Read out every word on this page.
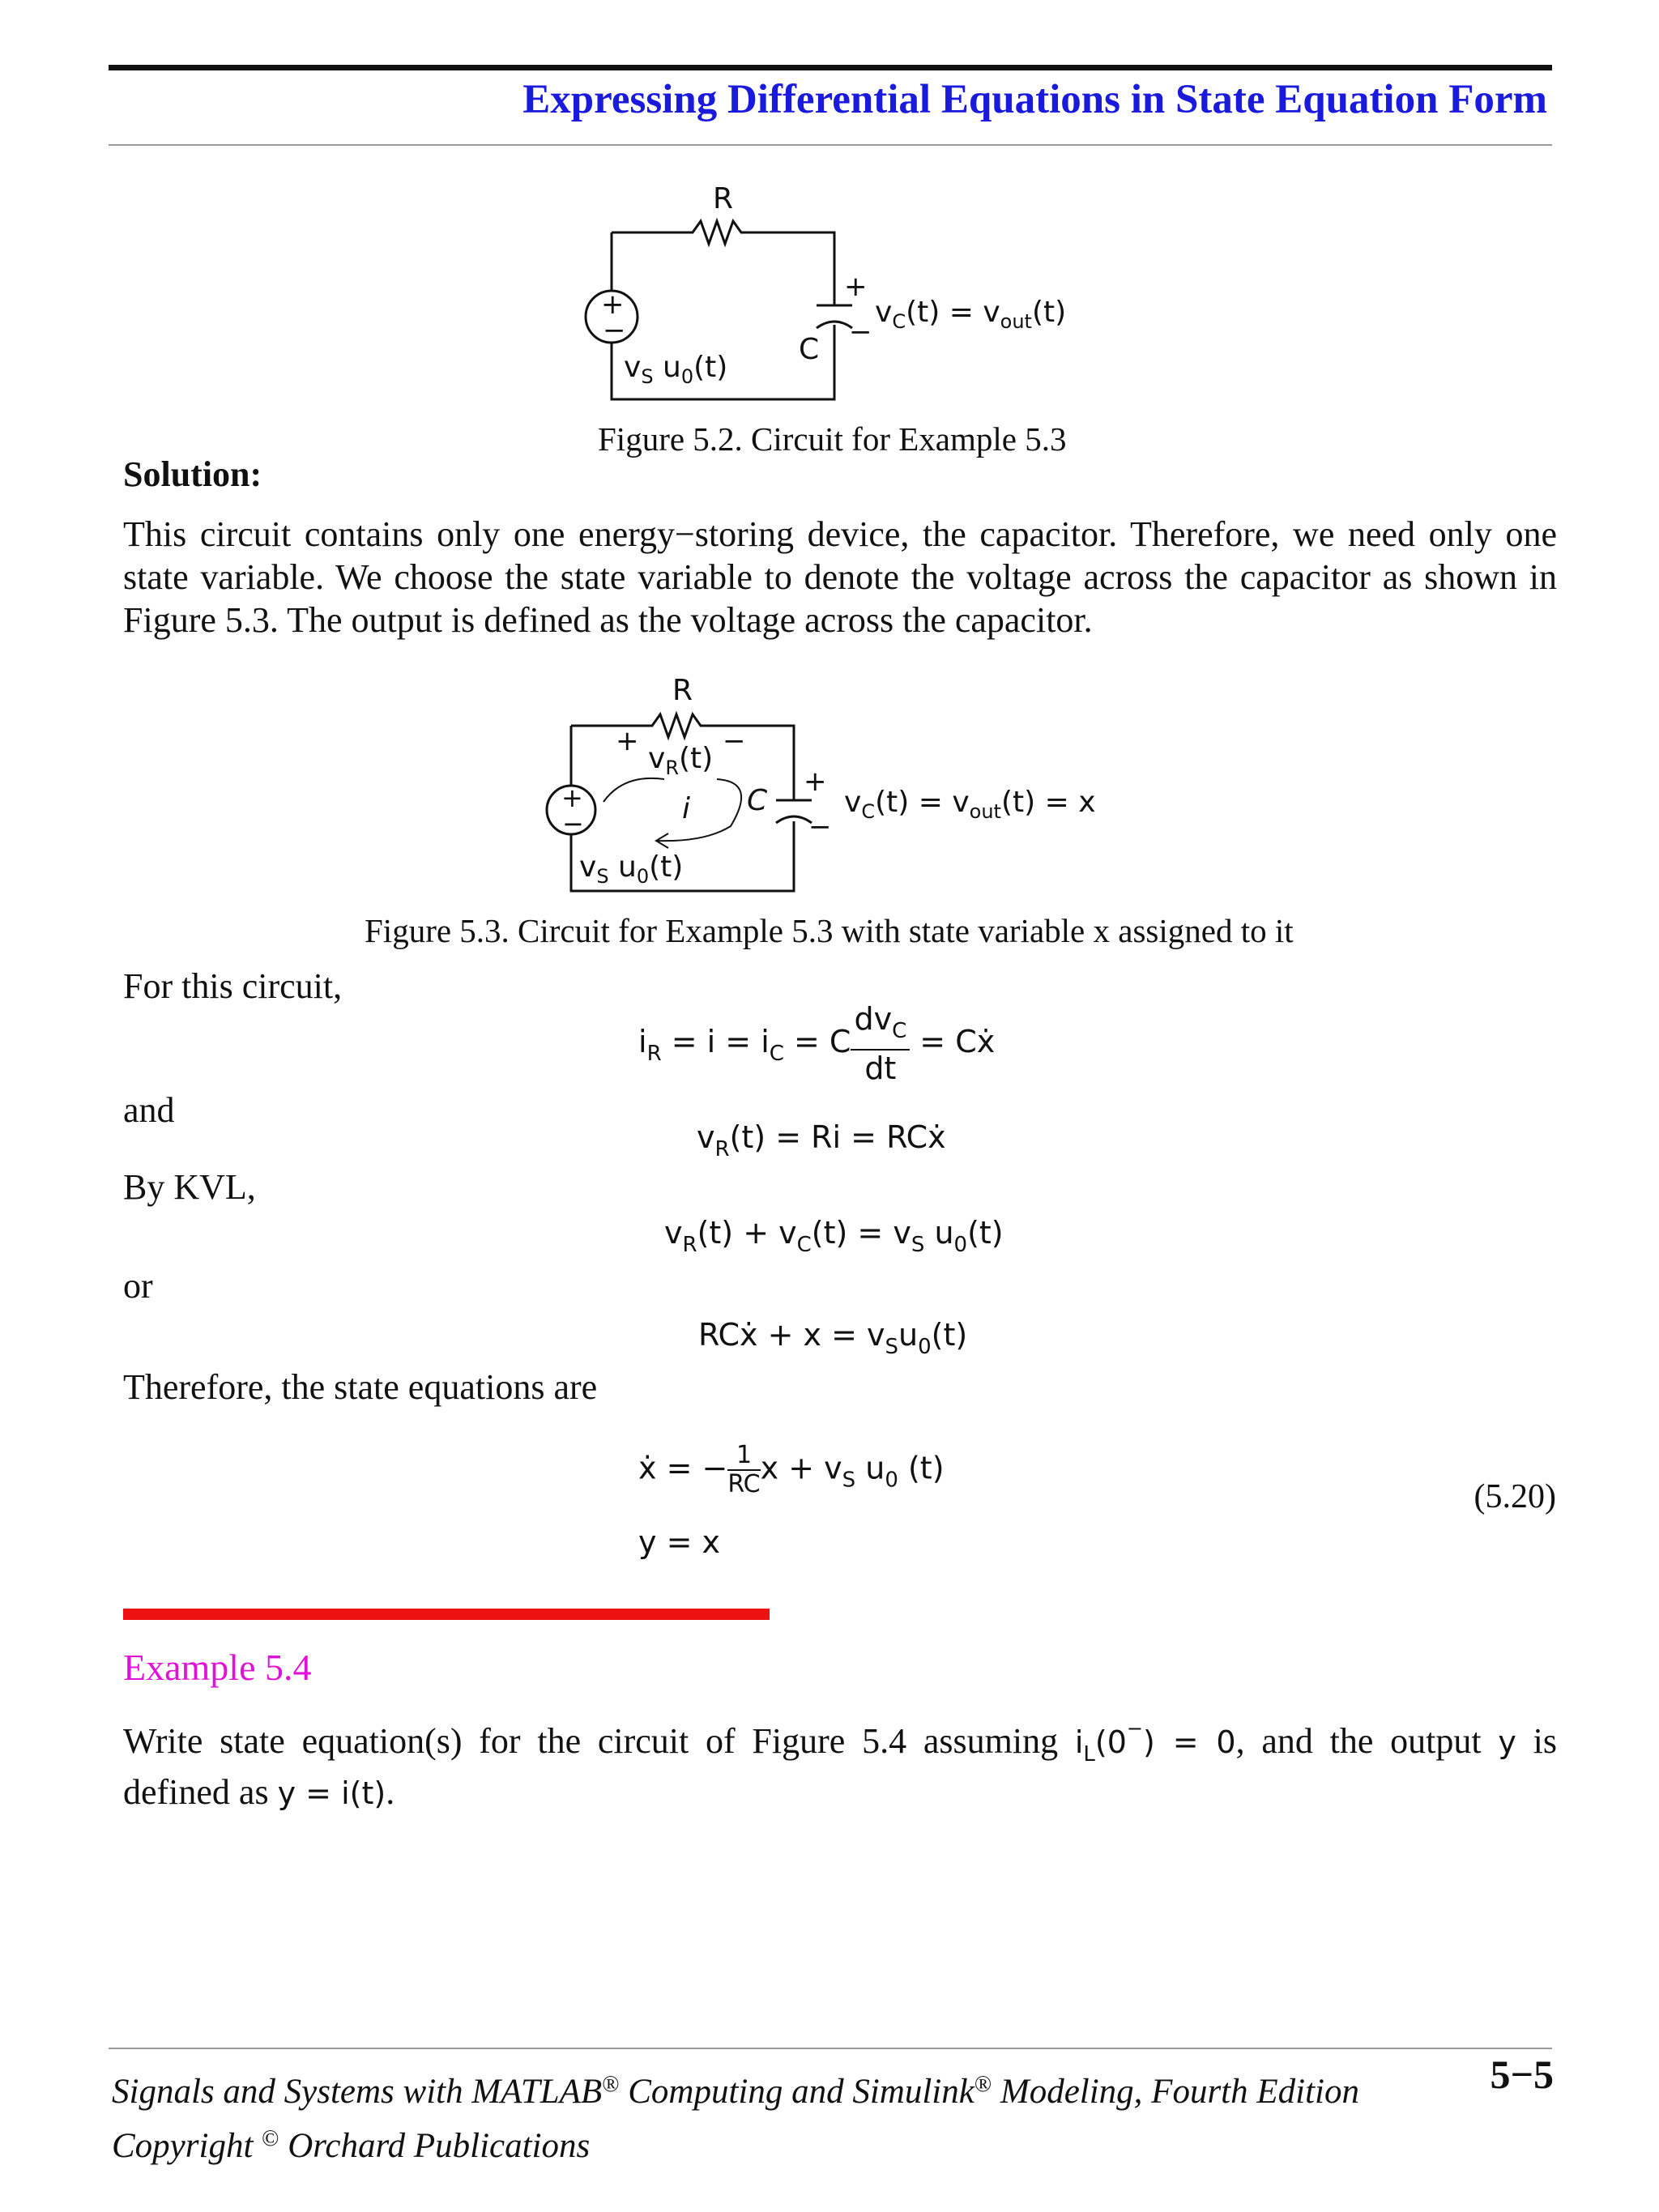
Expressing Differential Equations in State Equation Form
R
+
−
+
−
C
$v_S$ $u_0(t)$
$v_C(t) = v_{out}(t)$
Figure 5.2. Circuit for Example 5.3
Solution:
This circuit contains only one energy−storing device, the capacitor. Therefore, we need only one state variable. We choose the state variable to denote the voltage across the capacitor as shown in Figure 5.3. The output is defined as the voltage across the capacitor.
R
+	−
$v_R(t)$
i C
+
−
+
−
$v_S$ $u_0(t)$
$v_C(t) = v_{out}(t) = x$
Figure 5.3. Circuit for Example 5.3 with state variable x assigned to it
For this circuit,
and
By KVL,
or
Therefore, the state equations are
$i_R = i = i_C = C \frac{dv_C}{dt}$ = Cẋ
$v_R(t) = Ri$ = RCẋ
$v_R(t) + v_C(t) = v_S$ $u_0(t)$
RCẋ + $x = v_Su_0(t)$
ẋ = − $\frac{1}{RC}$ $x + v_S$ $u_0$ (t)
y = x
(5.20)
Example 5.4
Write state equation(s) for the circuit of Figure 5.4 assuming $i_L(0^-) = 0$, and the output y is
defined as y = i(t).
Signals and Systems with MATLAB® Computing and Simulink® Modeling, Fourth Edition	5−5
Copyright © Orchard Publications
